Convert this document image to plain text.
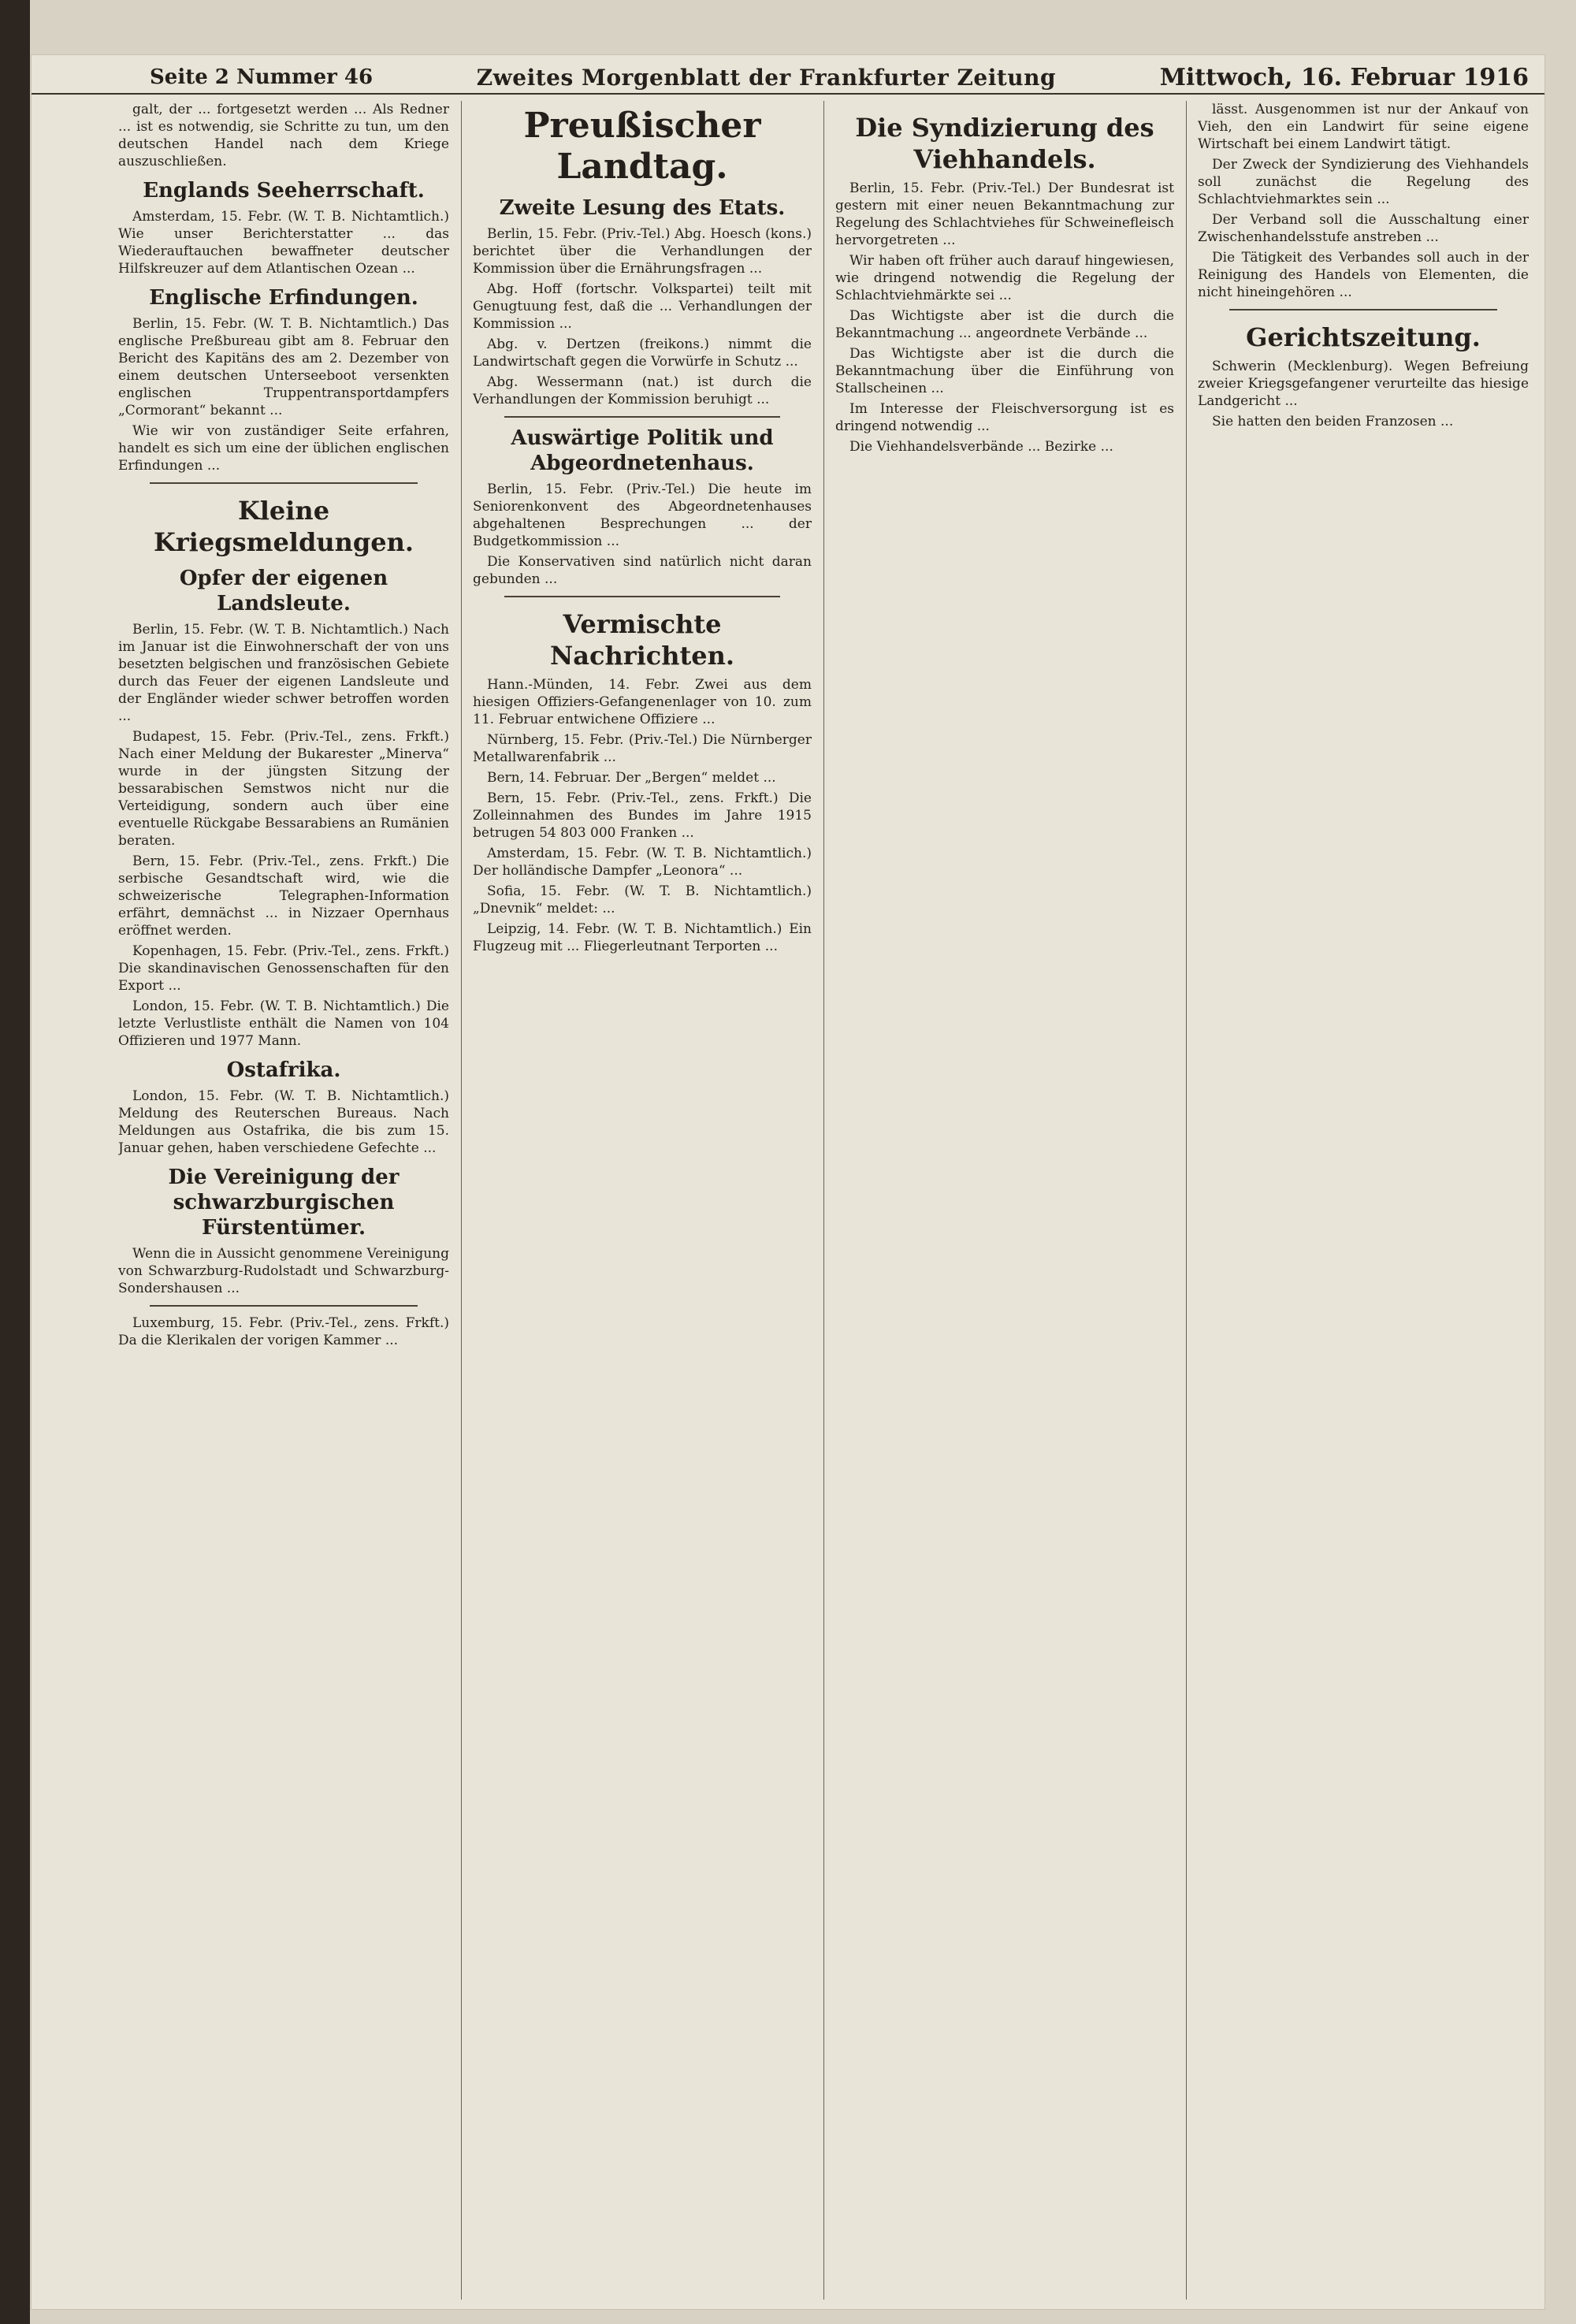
Seite 2 Nummer 46	Zweites Morgenblatt der Frankfurter Zeitung	Mittwoch, 16. Februar 1916

galt, der ... fortgesetzt werden ... Als Redner ... ist es notwendig, sie Schritte zu tun, um den deutschen Handel nach dem Kriege auszuschließen.

Englands Seeherrschaft.

Amsterdam, 15. Febr. (W. T. B. Nichtamtlich.) Wie unser Berichterstatter ... das Wiederauftauchen bewaffneter deutscher Hilfskreuzer auf dem Atlantischen Ozean ...

Englische Erfindungen.

Berlin, 15. Febr. (W. T. B. Nichtamtlich.) Das englische Preßbureau gibt am 8. Februar den Bericht des Kapitäns des am 2. Dezember von einem deutschen Unterseeboot versenkten englischen Truppentransportdampfers „Cormorant“ bekannt ...

Wie wir von zuständiger Seite erfahren, handelt es sich um eine der üblichen englischen Erfindungen ...

Kleine Kriegsmeldungen.
Opfer der eigenen Landsleute.

Berlin, 15. Febr. (W. T. B. Nichtamtlich.) Nach im Januar ist die Einwohnerschaft der von uns besetzten belgischen und französischen Gebiete durch das Feuer der eigenen Landsleute und der Engländer wieder schwer betroffen worden ...

Budapest, 15. Febr. (Priv.-Tel., zens. Frkft.) Nach einer Meldung der Bukarester „Minerva“ wurde in der jüngsten Sitzung der bessarabischen Semstwos nicht nur die Verteidigung, sondern auch über eine eventuelle Rückgabe Bessarabiens an Rumänien beraten.

Bern, 15. Febr. (Priv.-Tel., zens. Frkft.) Die serbische Gesandtschaft wird, wie die schweizerische Telegraphen-Information erfährt, demnächst ... in Nizzaer Opernhaus eröffnet werden.

Kopenhagen, 15. Febr. (Priv.-Tel., zens. Frkft.) Die skandinavischen Genossenschaften für den Export ...

London, 15. Febr. (W. T. B. Nichtamtlich.) Die letzte Verlustliste enthält die Namen von 104 Offizieren und 1977 Mann.

Ostafrika.

London, 15. Febr. (W. T. B. Nichtamtlich.) Meldung des Reuterschen Bureaus. Nach Meldungen aus Ostafrika, die bis zum 15. Januar gehen, haben verschiedene Gefechte ...

Die Vereinigung der schwarzburgischen Fürstentümer.

Wenn die in Aussicht genommene Vereinigung von Schwarzburg-Rudolstadt und Schwarzburg-Sondershausen ...

Luxemburg, 15. Febr. (Priv.-Tel., zens. Frkft.) Da die Klerikalen der vorigen Kammer ...

Preußischer Landtag.
Zweite Lesung des Etats.

Berlin, 15. Febr. (Priv.-Tel.) Abg. Hoesch (kons.) berichtet über die Verhandlungen der Kommission über die Ernährungsfragen ...

Abg. Hoff (fortschr. Volkspartei) teilt mit Genugtuung fest, daß die ... Verhandlungen der Kommission ...

Abg. v. Dertzen (freikons.) nimmt die Landwirtschaft gegen die Vorwürfe in Schutz ...

Abg. Wessermann (nat.) ist durch die Verhandlungen der Kommission beruhigt ...

Auswärtige Politik und Abgeordnetenhaus.

Berlin, 15. Febr. (Priv.-Tel.) Die heute im Seniorenkonvent des Abgeordnetenhauses abgehaltenen Besprechungen ... der Budgetkommission ...

Die Konservativen sind natürlich nicht daran gebunden ...

Vermischte Nachrichten.

Hann.-Münden, 14. Febr. Zwei aus dem hiesigen Offiziers-Gefangenenlager von 10. zum 11. Februar entwichene Offiziere ...

Nürnberg, 15. Febr. (Priv.-Tel.) Die Nürnberger Metallwarenfabrik ...

Bern, 14. Februar. Der „Bergen“ meldet ...

Bern, 15. Febr. (Priv.-Tel., zens. Frkft.) Die Zolleinnahmen des Bundes im Jahre 1915 betrugen 54 803 000 Franken ...

Amsterdam, 15. Febr. (W. T. B. Nichtamtlich.) Der holländische Dampfer „Leonora“ ...

Sofia, 15. Febr. (W. T. B. Nichtamtlich.) „Dnevnik“ meldet: ...

Leipzig, 14. Febr. (W. T. B. Nichtamtlich.) Ein Flugzeug mit ... Fliegerleutnant Terporten ...

Die Syndizierung des Viehhandels.

Berlin, 15. Febr. (Priv.-Tel.) Der Bundesrat ist gestern mit einer neuen Bekanntmachung zur Regelung des Schlachtviehes für Schweinefleisch hervorgetreten ...

Wir haben oft früher auch darauf hingewiesen, wie dringend notwendig die Regelung der Schlachtviehmärkte sei ...

Das Wichtigste aber ist die durch die Bekanntmachung ... angeordnete Verbände ...

Das Wichtigste aber ist die durch die Bekanntmachung über die Einführung von Stallscheinen ...

Im Interesse der Fleischversorgung ist es dringend notwendig ...

Die Viehhandelsverbände ... Bezirke ...

lässt. Ausgenommen ist nur der Ankauf von Vieh, den ein Landwirt für seine eigene Wirtschaft bei einem Landwirt tätigt.

Der Zweck der Syndizierung des Viehhandels soll zunächst die Regelung des Schlachtviehmarktes sein ...

Der Verband soll die Ausschaltung einer Zwischenhandelsstufe anstreben ...

Die Tätigkeit des Verbandes soll auch in der Reinigung des Handels von Elementen, die nicht hineingehören ...

Gerichtszeitung.

Schwerin (Mecklenburg). Wegen Befreiung zweier Kriegsgefangener verurteilte das hiesige Landgericht ...

Sie hatten den beiden Franzosen ...
